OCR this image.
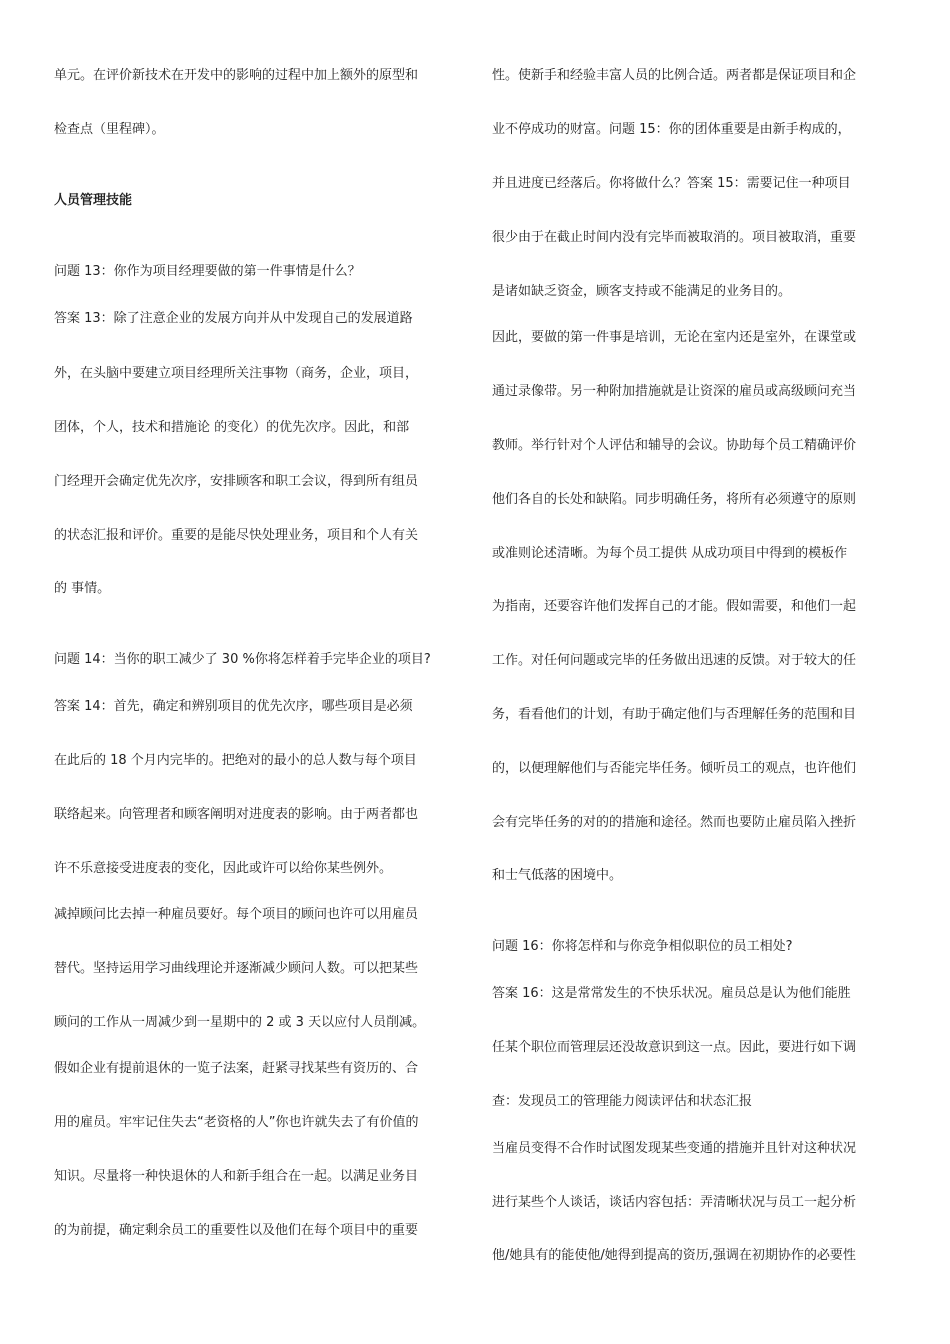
单元。在评价新技术在开发中的影响的过程中加上额外的原型和
检查点（里程碑）。
人员管理技能
问题 13：你作为项目经理要做的第一件事情是什么？
答案 13：除了注意企业的发展方向并从中发现自己的发展道路
外，在头脑中要建立项目经理所关注事物（商务，企业，项目，
团体，个人，技术和措施论 的变化）的优先次序。因此，和部
门经理开会确定优先次序，安排顾客和职工会议，得到所有组员
的状态汇报和评价。重要的是能尽快处理业务，项目和个人有关
的 事情。
问题 14：当你的职工减少了 30 %你将怎样着手完毕企业的项目?
答案 14：首先，确定和辨别项目的优先次序，哪些项目是必须
在此后的 18 个月内完毕的。把绝对的最小的总人数与每个项目
联络起来。向管理者和顾客阐明对进度表的影响。由于两者都也
许不乐意接受进度表的变化，因此或许可以给你某些例外。
减掉顾问比去掉一种雇员要好。每个项目的顾问也许可以用雇员
替代。坚持运用学习曲线理论并逐渐减少顾问人数。可以把某些
顾问的工作从一周减少到一星期中的 2 或 3 天以应付人员削减。
假如企业有提前退休的一览子法案，赶紧寻找某些有资历的、合
用的雇员。牢牢记住失去“老资格的人”你也许就失去了有价值的
知识。尽量将一种快退休的人和新手组合在一起。以满足业务目
的为前提，确定剩余员工的重要性以及他们在每个项目中的重要
性。使新手和经验丰富人员的比例合适。两者都是保证项目和企
业不停成功的财富。问题 15：你的团体重要是由新手构成的，
并且进度已经落后。你将做什么？答案 15：需要记住一种项目
很少由于在截止时间内没有完毕而被取消的。项目被取消，重要
是诸如缺乏资金，顾客支持或不能满足的业务目的。
因此，要做的第一件事是培训，无论在室内还是室外，在课堂或
通过录像带。另一种附加措施就是让资深的雇员或高级顾问充当
教师。举行针对个人评估和辅导的会议。协助每个员工精确评价
他们各自的长处和缺陷。同步明确任务，将所有必须遵守的原则
或准则论述清晰。为每个员工提供 从成功项目中得到的模板作
为指南，还要容许他们发挥自己的才能。假如需要，和他们一起
工作。对任何问题或完毕的任务做出迅速的反馈。对于较大的任
务，看看他们的计划，有助于确定他们与否理解任务的范围和目
的，以便理解他们与否能完毕任务。倾听员工的观点，也许他们
会有完毕任务的对的的措施和途径。然而也要防止雇员陷入挫折
和士气低落的困境中。
问题 16：你将怎样和与你竞争相似职位的员工相处?
答案 16：这是常常发生的不快乐状况。雇员总是认为他们能胜
任某个职位而管理层还没故意识到这一点。因此，要进行如下调
查：发现员工的管理能力阅读评估和状态汇报
当雇员变得不合作时试图发现某些变通的措施并且针对这种状况
进行某些个人谈话，谈话内容包括：弄清晰状况与员工一起分析
他/她具有的能使他/她得到提高的资历,强调在初期协作的必要性
